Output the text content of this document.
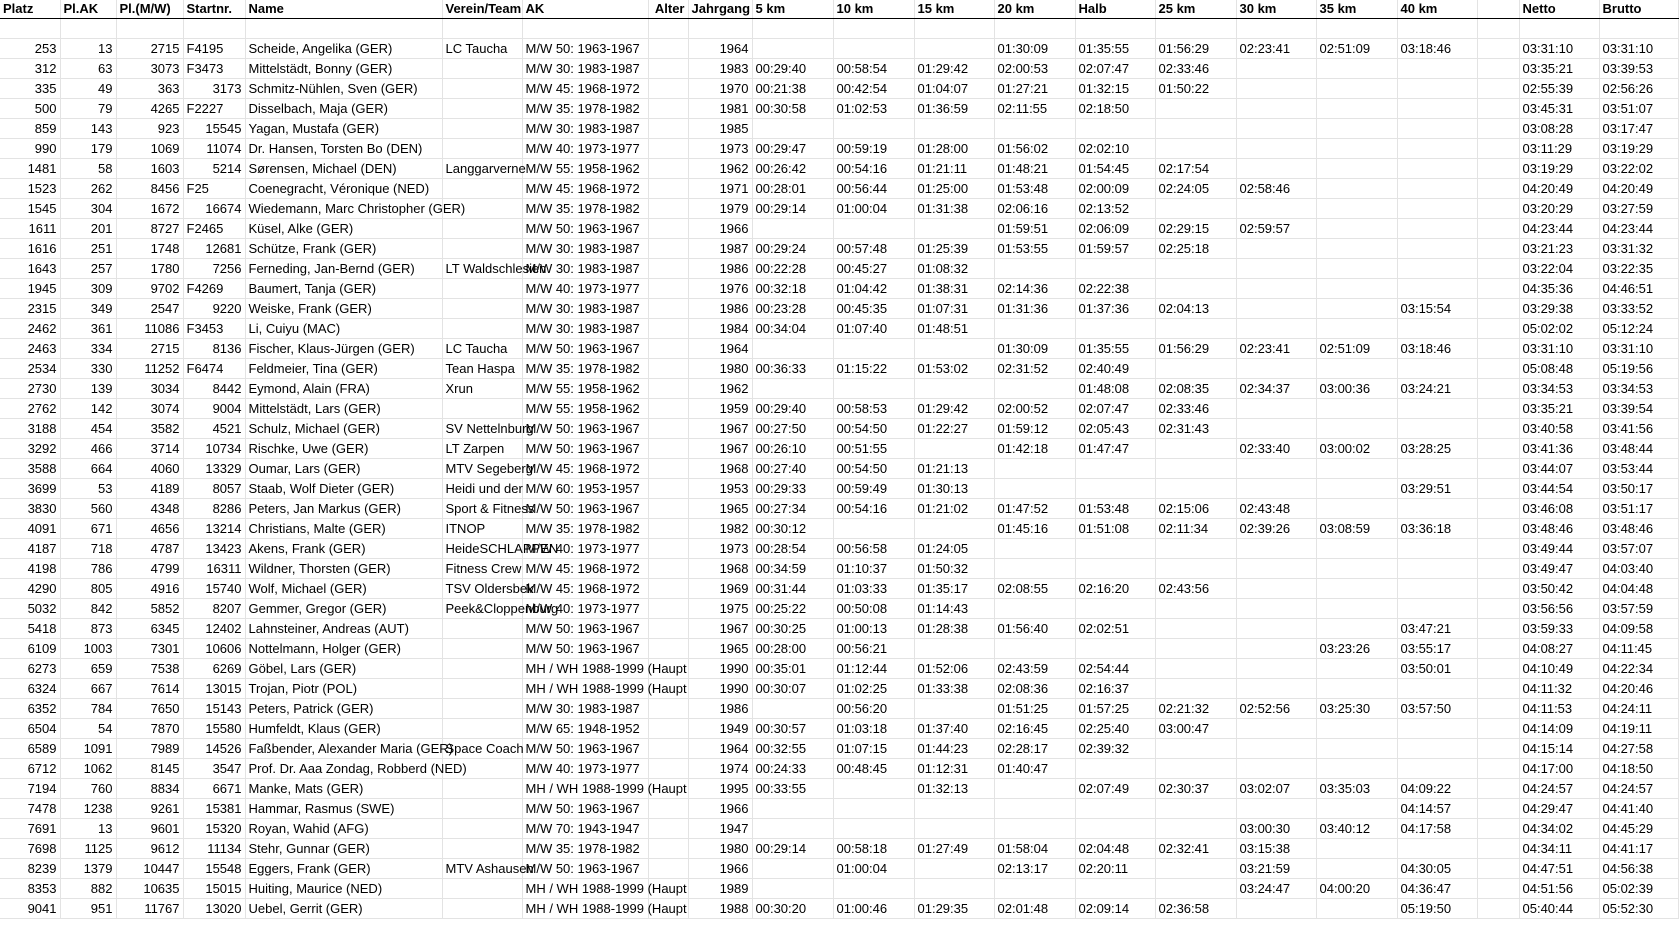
Platz	Pl.AK	Pl.(M/W)	Startnr.	Name	Verein/Team	AK	Alter	Jahrgang	5 km	10 km	15 km	20 km	Halb	25 km	30 km	35 km	40 km		Netto	Brutto

253	13	2715	F4195	Scheide, Angelika (GER)	LC Taucha	M/W 50: 1963-1967		1964				01:30:09	01:35:55	01:56:29	02:23:41	02:51:09	03:18:46		03:31:10	03:31:10
312	63	3073	F3473	Mittelstädt, Bonny (GER)		M/W 30: 1983-1987		1983	00:29:40	00:58:54	01:29:42	02:00:53	02:07:47	02:33:46					03:35:21	03:39:53
335	49	363	3173	Schmitz-Nühlen, Sven (GER)		M/W 45: 1968-1972		1970	00:21:38	00:42:54	01:04:07	01:27:21	01:32:15	01:50:22					02:55:39	02:56:26
500	79	4265	F2227	Disselbach, Maja (GER)		M/W 35: 1978-1982		1981	00:30:58	01:02:53	01:36:59	02:11:55	02:18:50						03:45:31	03:51:07
859	143	923	15545	Yagan, Mustafa (GER)		M/W 30: 1983-1987		1985											03:08:28	03:17:47
990	179	1069	11074	Dr. Hansen, Torsten Bo (DEN)		M/W 40: 1973-1977		1973	00:29:47	00:59:19	01:28:00	01:56:02	02:02:10						03:11:29	03:19:29
1481	58	1603	5214	Sørensen, Michael (DEN)	Langgarverne	M/W 55: 1958-1962		1962	00:26:42	00:54:16	01:21:11	01:48:21	01:54:45	02:17:54					03:19:29	03:22:02
1523	262	8456	F25	Coenegracht, Véronique (NED)		M/W 45: 1968-1972		1971	00:28:01	00:56:44	01:25:00	01:53:48	02:00:09	02:24:05	02:58:46				04:20:49	04:20:49
1545	304	1672	16674	Wiedemann, Marc Christopher (GER)		M/W 35: 1978-1982		1979	00:29:14	01:00:04	01:31:38	02:06:16	02:13:52						03:20:29	03:27:59
1611	201	8727	F2465	Küsel, Alke (GER)		M/W 50: 1963-1967		1966				01:59:51	02:06:09	02:29:15	02:59:57				04:23:44	04:23:44
1616	251	1748	12681	Schütze, Frank (GER)		M/W 30: 1983-1987		1987	00:29:24	00:57:48	01:25:39	01:53:55	01:59:57	02:25:18					03:21:23	03:31:32
1643	257	1780	7256	Ferneding, Jan-Bernd (GER)	LT Waldschlesien	M/W 30: 1983-1987		1986	00:22:28	00:45:27	01:08:32								03:22:04	03:22:35
1945	309	9702	F4269	Baumert, Tanja (GER)		M/W 40: 1973-1977		1976	00:32:18	01:04:42	01:38:31	02:14:36	02:22:38						04:35:36	04:46:51
2315	349	2547	9220	Weiske, Frank (GER)		M/W 30: 1983-1987		1986	00:23:28	00:45:35	01:07:31	01:31:36	01:37:36	02:04:13			03:15:54		03:29:38	03:33:52
2462	361	11086	F3453	Li, Cuiyu (MAC)		M/W 30: 1983-1987		1984	00:34:04	01:07:40	01:48:51								05:02:02	05:12:24
2463	334	2715	8136	Fischer, Klaus-Jürgen (GER)	LC Taucha	M/W 50: 1963-1967		1964				01:30:09	01:35:55	01:56:29	02:23:41	02:51:09	03:18:46		03:31:10	03:31:10
2534	330	11252	F6474	Feldmeier, Tina (GER)	Tean Haspa	M/W 35: 1978-1982		1980	00:36:33	01:15:22	01:53:02	02:31:52	02:40:49						05:08:48	05:19:56
2730	139	3034	8442	Eymond, Alain (FRA)	Xrun	M/W 55: 1958-1962		1962					01:48:08	02:08:35	02:34:37	03:00:36	03:24:21		03:34:53	03:34:53
2762	142	3074	9004	Mittelstädt, Lars (GER)		M/W 55: 1958-1962		1959	00:29:40	00:58:53	01:29:42	02:00:52	02:07:47	02:33:46					03:35:21	03:39:54
3188	454	3582	4521	Schulz, Michael (GER)	SV Nettelnburg	M/W 50: 1963-1967		1967	00:27:50	00:54:50	01:22:27	01:59:12	02:05:43	02:31:43					03:40:58	03:41:56
3292	466	3714	10734	Rischke, Uwe (GER)	LT Zarpen	M/W 50: 1963-1967		1967	00:26:10	00:51:55		01:42:18	01:47:47		02:33:40	03:00:02	03:28:25		03:41:36	03:48:44
3588	664	4060	13329	Oumar, Lars (GER)	MTV Segeberg	M/W 45: 1968-1972		1968	00:27:40	00:54:50	01:21:13								03:44:07	03:53:44
3699	53	4189	8057	Staab, Wolf Dieter (GER)	Heidi und der	M/W 60: 1953-1957		1953	00:29:33	00:59:49	01:30:13						03:29:51		03:44:54	03:50:17
3830	560	4348	8286	Peters, Jan Markus (GER)	Sport & Fitness	M/W 50: 1963-1967		1965	00:27:34	00:54:16	01:21:02	01:47:52	01:53:48	02:15:06	02:43:48				03:46:08	03:51:17
4091	671	4656	13214	Christians, Malte (GER)	ITNOP	M/W 35: 1978-1982		1982	00:30:12			01:45:16	01:51:08	02:11:34	02:39:26	03:08:59	03:36:18		03:48:46	03:48:46
4187	718	4787	13423	Akens, Frank (GER)	HeideSCHLAPPEN	M/W 40: 1973-1977		1973	00:28:54	00:56:58	01:24:05								03:49:44	03:57:07
4198	786	4799	16311	Wildner, Thorsten (GER)	Fitness Crew	M/W 45: 1968-1972		1968	00:34:59	01:10:37	01:50:32								03:49:47	04:03:40
4290	805	4916	15740	Wolf, Michael (GER)	TSV Oldersbek	M/W 45: 1968-1972		1969	00:31:44	01:03:33	01:35:17	02:08:55	02:16:20	02:43:56					03:50:42	04:04:48
5032	842	5852	8207	Gemmer, Gregor (GER)	Peek&Cloppenburg	M/W 40: 1973-1977		1975	00:25:22	00:50:08	01:14:43								03:56:56	03:57:59
5418	873	6345	12402	Lahnsteiner, Andreas (AUT)		M/W 50: 1963-1967		1967	00:30:25	01:00:13	01:28:38	01:56:40	02:02:51				03:47:21		03:59:33	04:09:58
6109	1003	7301	10606	Nottelmann, Holger (GER)		M/W 50: 1963-1967		1965	00:28:00	00:56:21						03:23:26	03:55:17		04:08:27	04:11:45
6273	659	7538	6269	Göbel, Lars (GER)		MH / WH 1988-1999 (Haupt		1990	00:35:01	01:12:44	01:52:06	02:43:59	02:54:44				03:50:01		04:10:49	04:22:34
6324	667	7614	13015	Trojan, Piotr (POL)		MH / WH 1988-1999 (Haupt		1990	00:30:07	01:02:25	01:33:38	02:08:36	02:16:37						04:11:32	04:20:46
6352	784	7650	15143	Peters, Patrick (GER)		M/W 30: 1983-1987		1986		00:56:20		01:51:25	01:57:25	02:21:32	02:52:56	03:25:30	03:57:50		04:11:53	04:24:11
6504	54	7870	15580	Humfeldt, Klaus (GER)		M/W 65: 1948-1952		1949	00:30:57	01:03:18	01:37:40	02:16:45	02:25:40	03:00:47					04:14:09	04:19:11
6589	1091	7989	14526	Faßbender, Alexander Maria (GER)	Space Coach	M/W 50: 1963-1967		1964	00:32:55	01:07:15	01:44:23	02:28:17	02:39:32						04:15:14	04:27:58
6712	1062	8145	3547	Prof. Dr. Aaa Zondag, Robberd (NED)		M/W 40: 1973-1977		1974	00:24:33	00:48:45	01:12:31	01:40:47							04:17:00	04:18:50
7194	760	8834	6671	Manke, Mats (GER)		MH / WH 1988-1999 (Haupt		1995	00:33:55		01:32:13		02:07:49	02:30:37	03:02:07	03:35:03	04:09:22		04:24:57	04:24:57
7478	1238	9261	15381	Hammar, Rasmus (SWE)		M/W 50: 1963-1967		1966									04:14:57		04:29:47	04:41:40
7691	13	9601	15320	Royan, Wahid (AFG)		M/W 70: 1943-1947		1947							03:00:30	03:40:12	04:17:58		04:34:02	04:45:29
7698	1125	9612	11134	Stehr, Gunnar (GER)		M/W 35: 1978-1982		1980	00:29:14	00:58:18	01:27:49	01:58:04	02:04:48	02:32:41	03:15:38				04:34:11	04:41:17
8239	1379	10447	15548	Eggers, Frank (GER)	MTV Ashausen	M/W 50: 1963-1967		1966		01:00:04		02:13:17	02:20:11		03:21:59		04:30:05		04:47:51	04:56:38
8353	882	10635	15015	Huiting, Maurice (NED)		MH / WH 1988-1999 (Haupt		1989							03:24:47	04:00:20	04:36:47		04:51:56	05:02:39
9041	951	11767	13020	Uebel, Gerrit (GER)		MH / WH 1988-1999 (Haupt		1988	00:30:20	01:00:46	01:29:35	02:01:48	02:09:14	02:36:58			05:19:50		05:40:44	05:52:30
